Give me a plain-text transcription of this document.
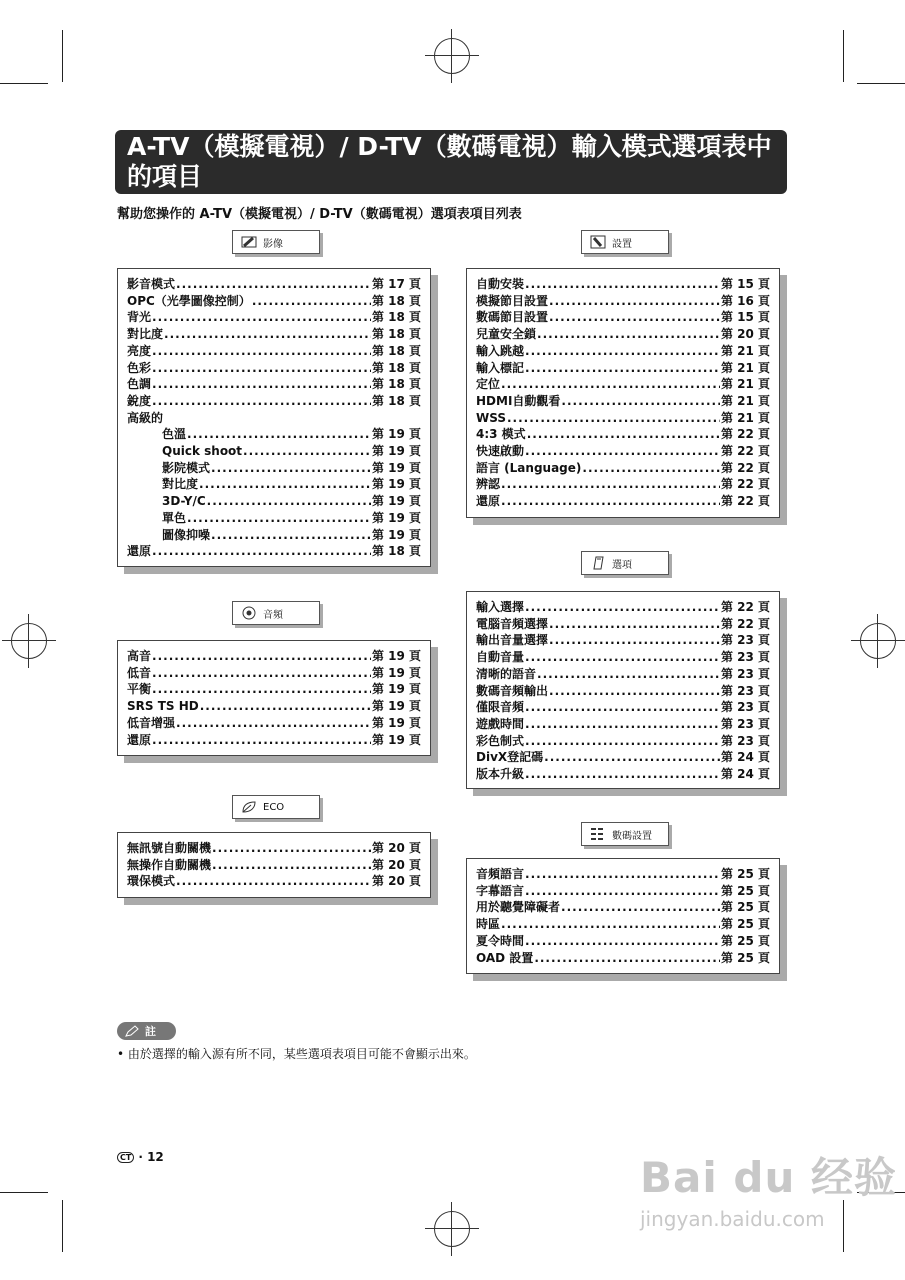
A-TV（模擬電視）/ D-TV（數碼電視）輸入模式選項表中的項目
幫助您操作的 A-TV（模擬電視）/ D-TV（數碼電視）選項表項目列表
影像
影音模式 .....	第 17 頁
OPC（光學圖像控制） .....	第 18 頁
背光 .....	第 18 頁
對比度 .....	第 18 頁
亮度 .....	第 18 頁
色彩 .....	第 18 頁
色調 .....	第 18 頁
銳度 .....	第 18 頁
高級的
色溫 .....	第 19 頁
Quick shoot .....	第 19 頁
影院模式 .....	第 19 頁
對比度 .....	第 19 頁
3D-Y/C .....	第 19 頁
單色 .....	第 19 頁
圖像抑噪 .....	第 19 頁
還原 .....	第 18 頁
音頻
高音 .....	第 19 頁
低音 .....	第 19 頁
平衡 .....	第 19 頁
SRS TS HD .....	第 19 頁
低音增强 .....	第 19 頁
還原 .....	第 19 頁
ECO
無訊號自動關機 .....	第 20 頁
無操作自動關機 .....	第 20 頁
環保模式 .....	第 20 頁
設置
自動安裝 .....	第 15 頁
模擬節目設置 .....	第 16 頁
數碼節目設置 .....	第 15 頁
兒童安全鎖 .....	第 20 頁
輸入跳越 .....	第 21 頁
輸入標記 .....	第 21 頁
定位 .....	第 21 頁
HDMI自動觀看 .....	第 21 頁
WSS .....	第 21 頁
4:3 模式 .....	第 22 頁
快速啟動 .....	第 22 頁
語言 (Language) .....	第 22 頁
辨認 .....	第 22 頁
還原 .....	第 22 頁
選項
輸入選擇 .....	第 22 頁
電腦音頻選擇 .....	第 22 頁
輸出音量選擇 .....	第 23 頁
自動音量 .....	第 23 頁
清晰的語音 .....	第 23 頁
數碼音頻輸出 .....	第 23 頁
僅限音頻 .....	第 23 頁
遊戲時間 .....	第 23 頁
彩色制式 .....	第 23 頁
DivX登記碼 .....	第 24 頁
版本升級 .....	第 24 頁
數碼設置
音頻語言 .....	第 25 頁
字幕語言 .....	第 25 頁
用於聽覺障礙者 .....	第 25 頁
時區 .....	第 25 頁
夏令時間 .....	第 25 頁
OAD 設置 .....	第 25 頁
註
• 由於選擇的輸入源有所不同，某些選項表項目可能不會顯示出來。
CT · 12	Bai du 经验
jingyan.baidu.com
